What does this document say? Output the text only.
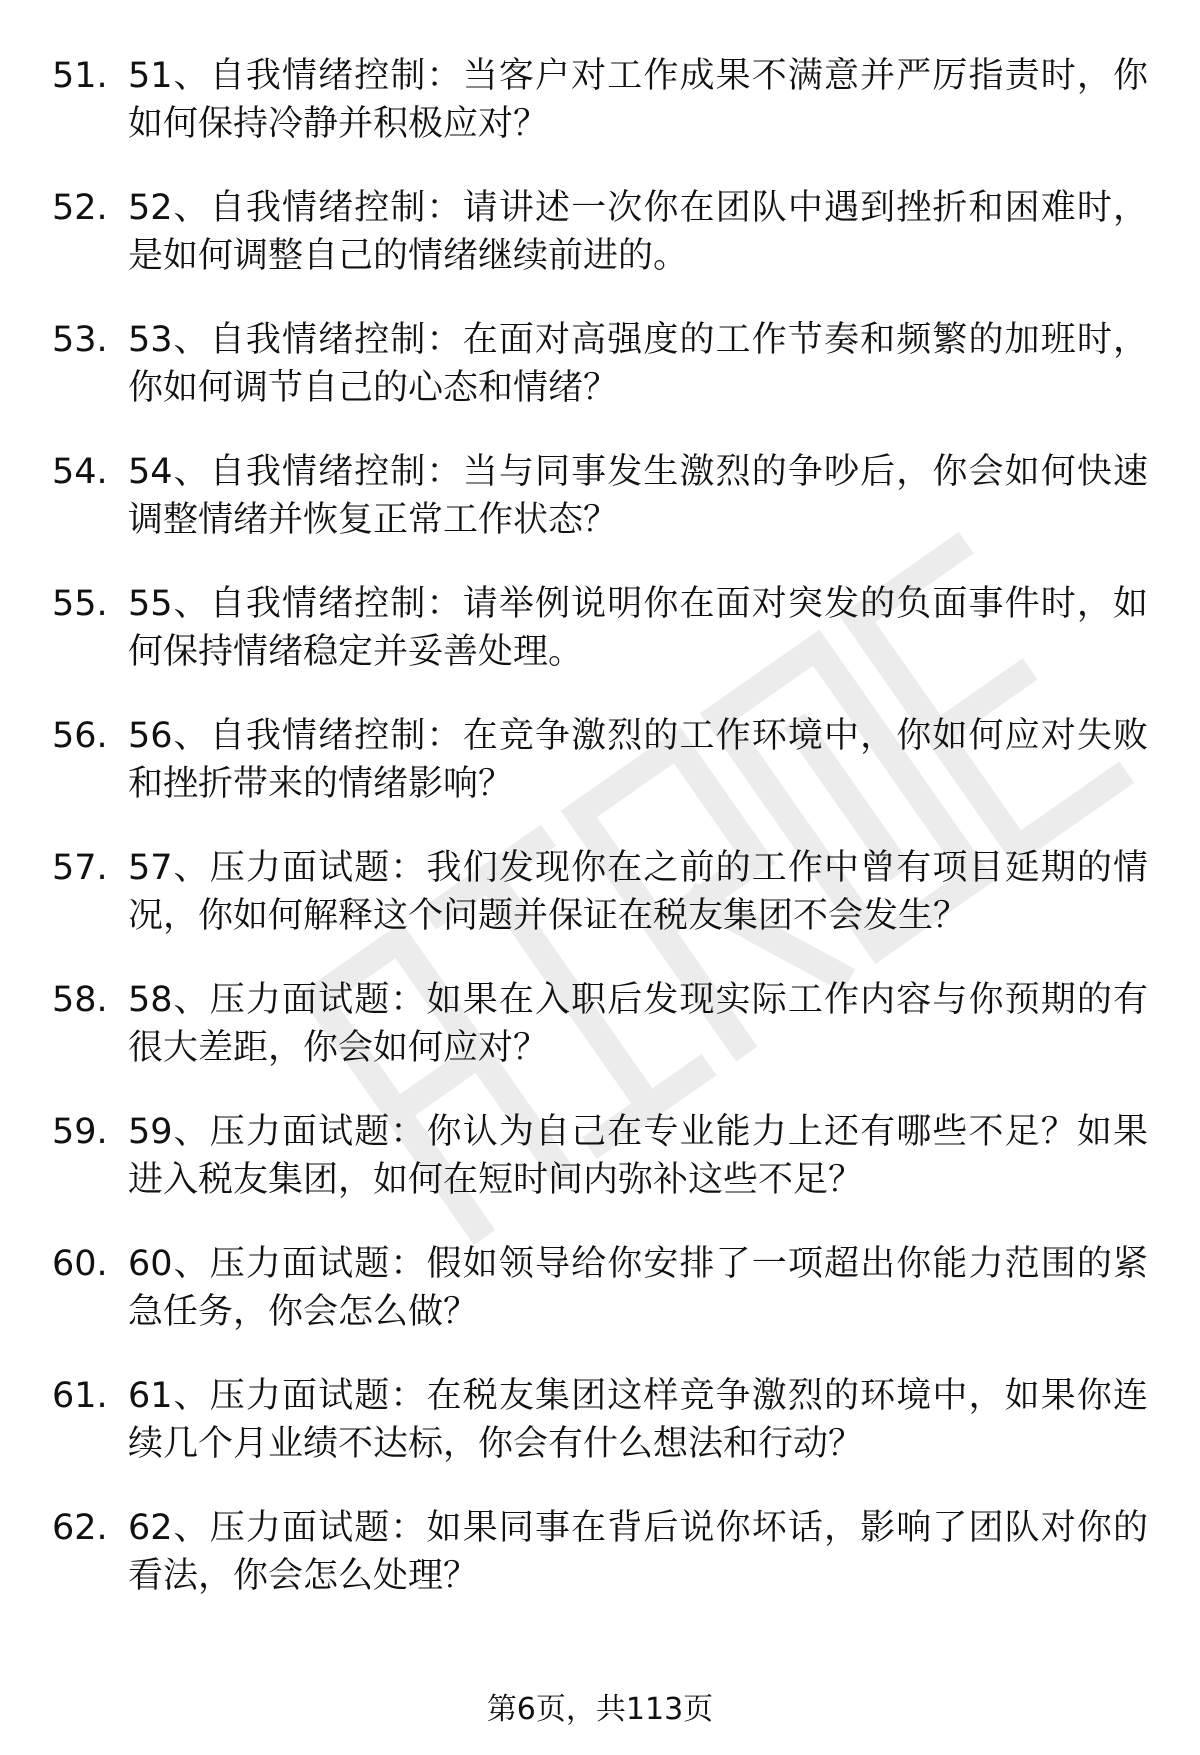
51. 51、自我情绪控制：当客户对工作成果不满意并严厉指责时，你如何保持冷静并积极应对？
52. 52、自我情绪控制：请讲述一次你在团队中遇到挫折和困难时，是如何调整自己的情绪继续前进的。
53. 53、自我情绪控制：在面对高强度的工作节奏和频繁的加班时，你如何调节自己的心态和情绪？
54. 54、自我情绪控制：当与同事发生激烈的争吵后，你会如何快速调整情绪并恢复正常工作状态？
55. 55、自我情绪控制：请举例说明你在面对突发的负面事件时，如何保持情绪稳定并妥善处理。
56. 56、自我情绪控制：在竞争激烈的工作环境中，你如何应对失败和挫折带来的情绪影响？
57. 57、压力面试题：我们发现你在之前的工作中曾有项目延期的情况，你如何解释这个问题并保证在税友集团不会发生？
58. 58、压力面试题：如果在入职后发现实际工作内容与你预期的有很大差距，你会如何应对？
59. 59、压力面试题：你认为自己在专业能力上还有哪些不足？如果进入税友集团，如何在短时间内弥补这些不足？
60. 60、压力面试题：假如领导给你安排了一项超出你能力范围的紧急任务，你会怎么做？
61. 61、压力面试题：在税友集团这样竞争激烈的环境中，如果你连续几个月业绩不达标，你会有什么想法和行动？
62. 62、压力面试题：如果同事在背后说你坏话，影响了团队对你的看法，你会怎么处理？
第6页，共113页
